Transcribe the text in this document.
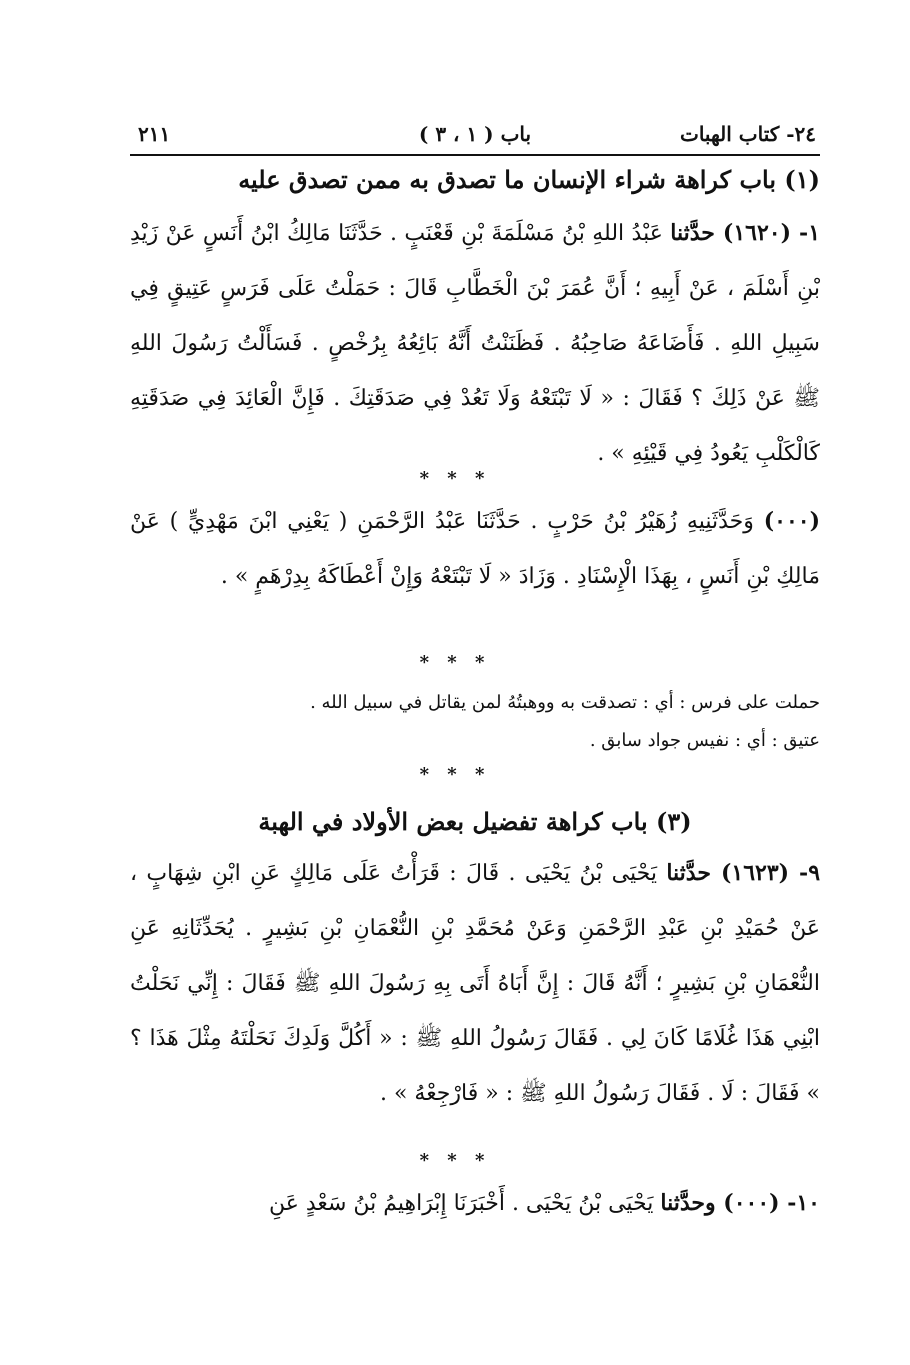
٢١١	باب ( ١ ، ٣ )	٢٤- كتاب الهبات
(١) باب كراهة شراء الإنسان ما تصدق به ممن تصدق عليه

١- (١٦٢٠) حدَّثنا عَبْدُ اللهِ بْنُ مَسْلَمَةَ بْنِ قَعْنَبٍ . حَدَّثَنَا مَالِكُ ابْنُ أَنَسٍ عَنْ زَيْدِ بْنِ أَسْلَمَ ، عَنْ أَبِيهِ ؛ أَنَّ عُمَرَ بْنَ الْخَطَّابِ قَالَ : حَمَلْتُ عَلَى فَرَسٍ عَتِيقٍ فِي سَبِيلِ اللهِ . فَأَضَاعَهُ صَاحِبُهُ . فَظَنَنْتُ أَنَّهُ بَائِعُهُ بِرُخْصٍ . فَسَأَلْتُ رَسُولَ اللهِ ﷺ عَنْ ذَلِكَ ؟ فَقَالَ : « لَا تَبْتَعْهُ وَلَا تَعُدْ فِي صَدَقَتِكَ . فَإِنَّ الْعَائِدَ فِي صَدَقَتِهِ كَالْكَلْبِ يَعُودُ فِي قَيْئِهِ » .

* * *

(٠٠٠) وَحَدَّثَنِيهِ زُهَيْرُ بْنُ حَرْبٍ . حَدَّثَنَا عَبْدُ الرَّحْمَنِ ( يَعْنِي ابْنَ مَهْدِيٍّ ) عَنْ مَالِكِ بْنِ أَنَسٍ ، بِهَذَا الْإِسْنَادِ . وَزَادَ « لَا تَبْتَعْهُ وَإِنْ أَعْطَاكَهُ بِدِرْهَمٍ » .

* * *

حملت على فرس : أي : تصدقت به ووهبتُهُ لمن يقاتل في سبيل الله .

عتيق : أي : نفيس جواد سابق .

* * *
(٣) باب كراهة تفضيل بعض الأولاد في الهبة

٩- (١٦٢٣) حدَّثنا يَحْيَى بْنُ يَحْيَى . قَالَ : قَرَأْتُ عَلَى مَالِكٍ عَنِ ابْنِ شِهَابٍ ، عَنْ حُمَيْدِ بْنِ عَبْدِ الرَّحْمَنِ وَعَنْ مُحَمَّدِ بْنِ النُّعْمَانِ بْنِ بَشِيرٍ . يُحَدِّثَانِهِ عَنِ النُّعْمَانِ بْنِ بَشِيرٍ ؛ أَنَّهُ قَالَ : إِنَّ أَبَاهُ أَتَى بِهِ رَسُولَ اللهِ ﷺ فَقَالَ : إِنِّي نَحَلْتُ ابْنِي هَذَا غُلَامًا كَانَ لِي . فَقَالَ رَسُولُ اللهِ ﷺ : « أَكُلَّ وَلَدِكَ نَحَلْتَهُ مِثْلَ هَذَا ؟ » فَقَالَ : لَا . فَقَالَ رَسُولُ اللهِ ﷺ : « فَارْجِعْهُ » .

* * *

١٠- (٠٠٠) وحدَّثنا يَحْيَى بْنُ يَحْيَى . أَخْبَرَنَا إِبْرَاهِيمُ بْنُ سَعْدٍ عَنِ
